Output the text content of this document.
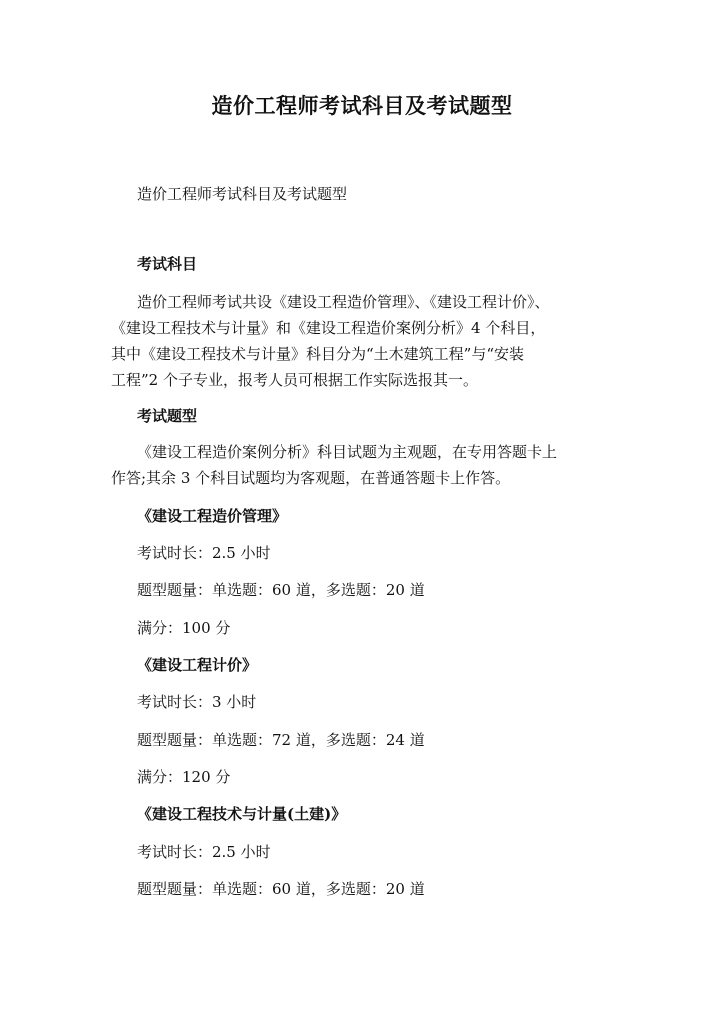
造价工程师考试科目及考试题型

造价工程师考试科目及考试题型

考试科目

造价工程师考试共设《建设工程造价管理》、《建设工程计价》、

《建设工程技术与计量》和《建设工程造价案例分析》4 个科目，

其中《建设工程技术与计量》科目分为“土木建筑工程”与“安装

工程”2 个子专业，报考人员可根据工作实际选报其一。

考试题型

《建设工程造价案例分析》科目试题为主观题，在专用答题卡上

作答;其余 3 个科目试题均为客观题，在普通答题卡上作答。

《建设工程造价管理》

考试时长：2.5 小时

题型题量：单选题：60 道，多选题：20 道

满分：100 分

《建设工程计价》

考试时长：3 小时

题型题量：单选题：72 道，多选题：24 道

满分：120 分

《建设工程技术与计量(土建)》

考试时长：2.5 小时

题型题量：单选题：60 道，多选题：20 道
